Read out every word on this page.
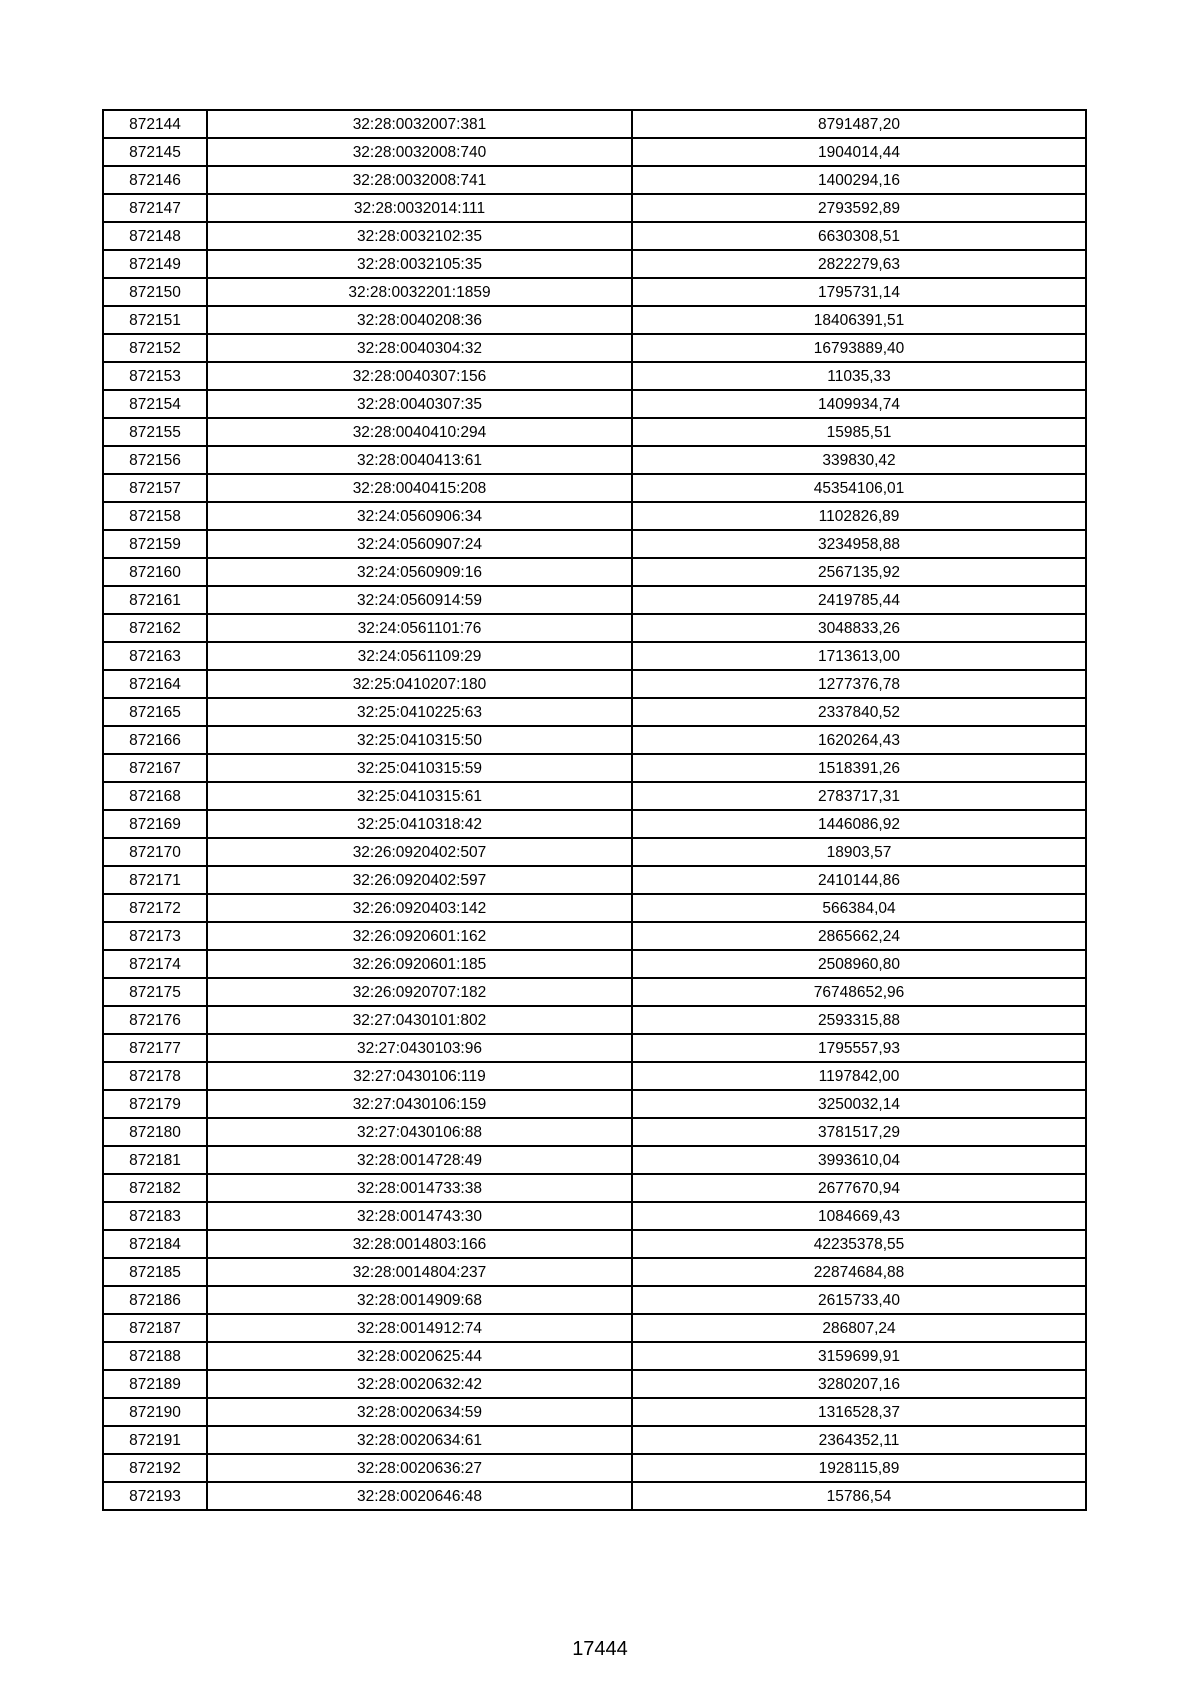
872144	32:28:0032007:381	8791487,20
872145	32:28:0032008:740	1904014,44
872146	32:28:0032008:741	1400294,16
872147	32:28:0032014:111	2793592,89
872148	32:28:0032102:35	6630308,51
872149	32:28:0032105:35	2822279,63
872150	32:28:0032201:1859	1795731,14
872151	32:28:0040208:36	18406391,51
872152	32:28:0040304:32	16793889,40
872153	32:28:0040307:156	11035,33
872154	32:28:0040307:35	1409934,74
872155	32:28:0040410:294	15985,51
872156	32:28:0040413:61	339830,42
872157	32:28:0040415:208	45354106,01
872158	32:24:0560906:34	1102826,89
872159	32:24:0560907:24	3234958,88
872160	32:24:0560909:16	2567135,92
872161	32:24:0560914:59	2419785,44
872162	32:24:0561101:76	3048833,26
872163	32:24:0561109:29	1713613,00
872164	32:25:0410207:180	1277376,78
872165	32:25:0410225:63	2337840,52
872166	32:25:0410315:50	1620264,43
872167	32:25:0410315:59	1518391,26
872168	32:25:0410315:61	2783717,31
872169	32:25:0410318:42	1446086,92
872170	32:26:0920402:507	18903,57
872171	32:26:0920402:597	2410144,86
872172	32:26:0920403:142	566384,04
872173	32:26:0920601:162	2865662,24
872174	32:26:0920601:185	2508960,80
872175	32:26:0920707:182	76748652,96
872176	32:27:0430101:802	2593315,88
872177	32:27:0430103:96	1795557,93
872178	32:27:0430106:119	1197842,00
872179	32:27:0430106:159	3250032,14
872180	32:27:0430106:88	3781517,29
872181	32:28:0014728:49	3993610,04
872182	32:28:0014733:38	2677670,94
872183	32:28:0014743:30	1084669,43
872184	32:28:0014803:166	42235378,55
872185	32:28:0014804:237	22874684,88
872186	32:28:0014909:68	2615733,40
872187	32:28:0014912:74	286807,24
872188	32:28:0020625:44	3159699,91
872189	32:28:0020632:42	3280207,16
872190	32:28:0020634:59	1316528,37
872191	32:28:0020634:61	2364352,11
872192	32:28:0020636:27	1928115,89
872193	32:28:0020646:48	15786,54
17444
